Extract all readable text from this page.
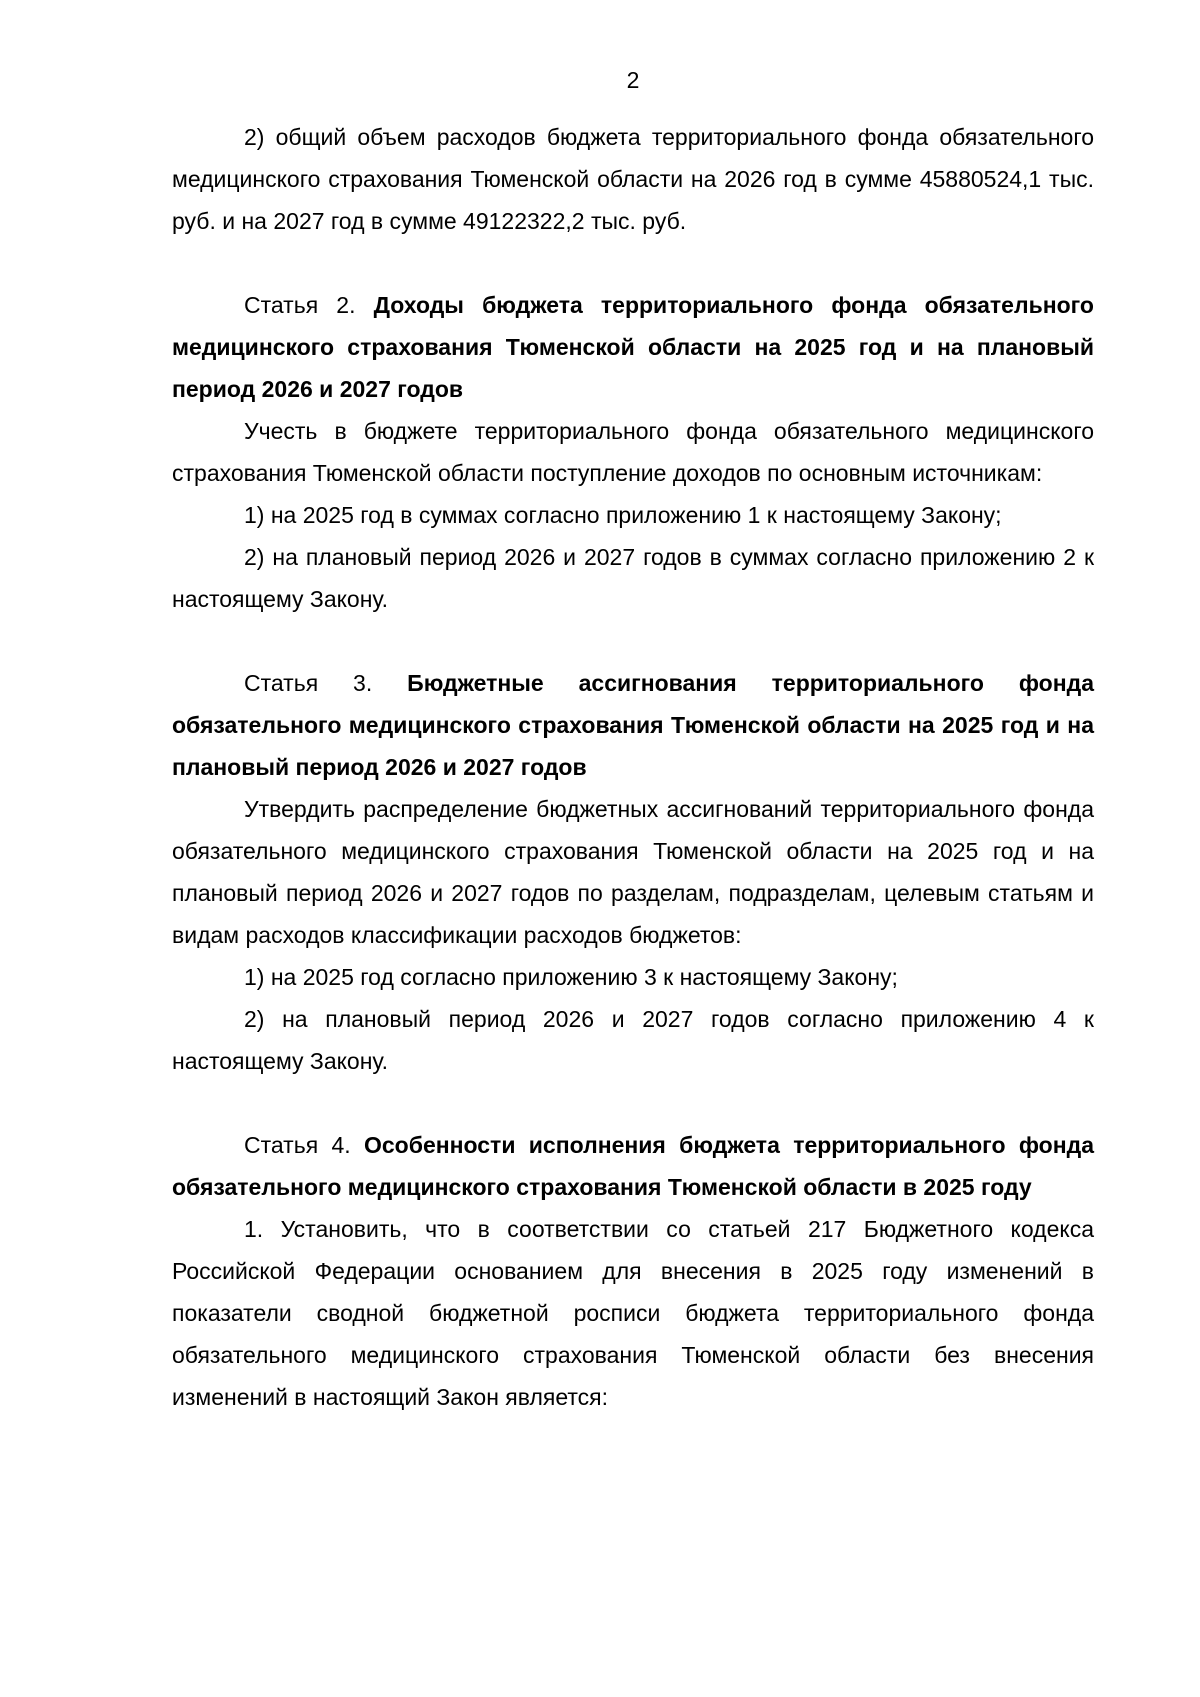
2

2) общий объем расходов бюджета территориального фонда обязательного медицинского страхования Тюменской области на 2026 год в сумме 45880524,1 тыс. руб. и на 2027 год в сумме 49122322,2 тыс. руб.

Статья 2. Доходы бюджета территориального фонда обязательного медицинского страхования Тюменской области на 2025 год и на плановый период 2026 и 2027 годов

Учесть в бюджете территориального фонда обязательного медицинского страхования Тюменской области поступление доходов по основным источникам:

1) на 2025 год в суммах согласно приложению 1 к настоящему Закону;

2) на плановый период 2026 и 2027 годов в суммах согласно приложению 2 к настоящему Закону.

Статья 3. Бюджетные ассигнования территориального фонда обязательного медицинского страхования Тюменской области на 2025 год и на плановый период 2026 и 2027 годов

Утвердить распределение бюджетных ассигнований территориального фонда обязательного медицинского страхования Тюменской области на 2025 год и на плановый период 2026 и 2027 годов по разделам, подразделам, целевым статьям и видам расходов классификации расходов бюджетов:

1) на 2025 год согласно приложению 3 к настоящему Закону;

2) на плановый период 2026 и 2027 годов согласно приложению 4 к настоящему Закону.

Статья 4. Особенности исполнения бюджета территориального фонда обязательного медицинского страхования Тюменской области в 2025 году

1. Установить, что в соответствии со статьей 217 Бюджетного кодекса Российской Федерации основанием для внесения в 2025 году изменений в показатели сводной бюджетной росписи бюджета территориального фонда обязательного медицинского страхования Тюменской области без внесения изменений в настоящий Закон является:
